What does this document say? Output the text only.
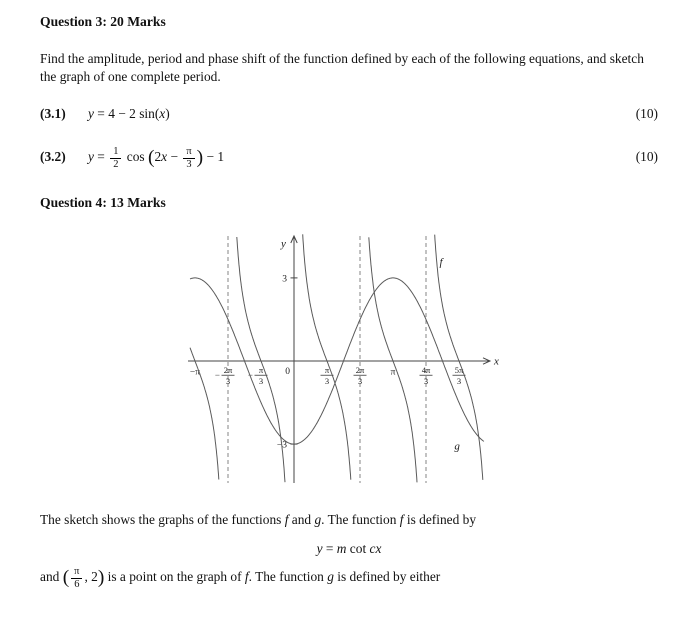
Question 3: 20 Marks

Find the amplitude, period and phase shift of the function defined by each of the following equations, and sketch the graph of one complete period.

(3.1)	y = 4 − 2 sin(x)	(10)
(3.2)	$y = \frac{1}{2}$ $\cos (2x - \frac{\pi}{3}$ ) − 1	(10)
Question 4: 13 Marks
x
y
−π − 2π
3
− π
3
0	π
3
2π
3
π	4π
3
5π
3
3
−3
f
g

The sketch shows the graphs of the functions f and g. The function f is defined by

y = m cot cx

and ( $\frac{\pi}{6}$ , 2) is a point on the graph of f. The function g is defined by either
